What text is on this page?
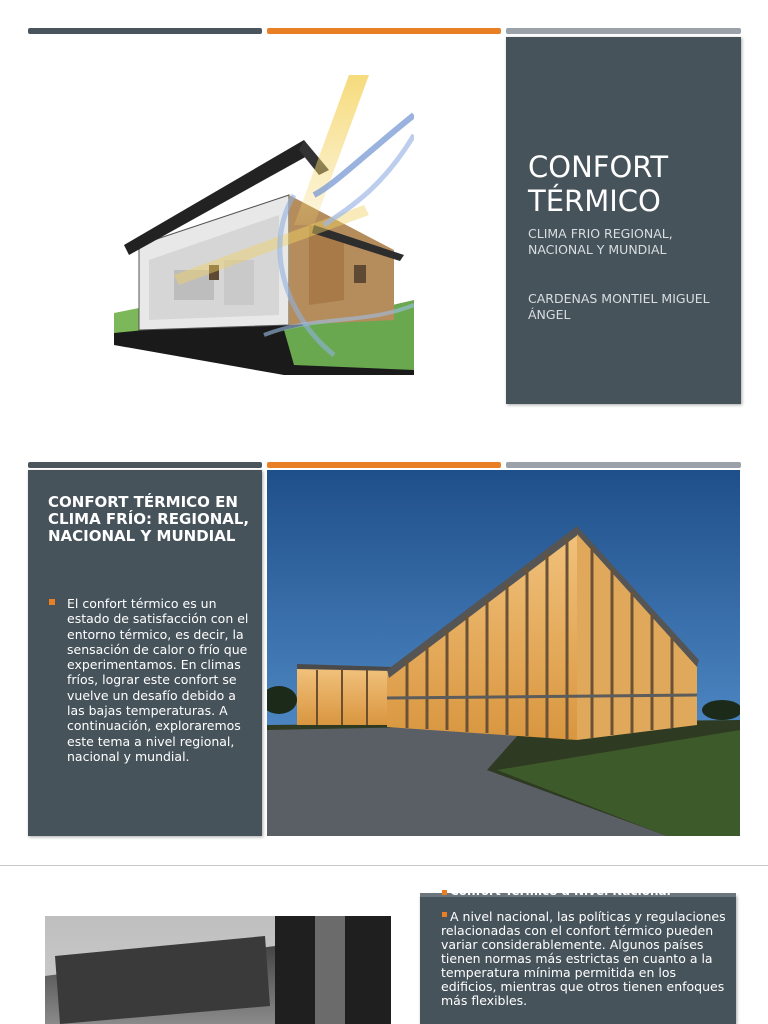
CONFORT TÉRMICO
CLIMA FRIO REGIONAL, NACIONAL Y MUNDIAL
CARDENAS MONTIEL MIGUEL ÁNGEL
CONFORT TÉRMICO EN CLIMA FRÍO: REGIONAL, NACIONAL Y MUNDIAL
El confort térmico es un estado de satisfacción con el entorno térmico, es decir, la sensación de calor o frío que experimentamos. En climas fríos, lograr este confort se vuelve un desafío debido a las bajas temperaturas. A continuación, exploraremos este tema a nivel regional, nacional y mundial.
Confort Térmico a Nivel Nacional
A nivel nacional, las políticas y regulaciones relacionadas con el confort térmico pueden variar considerablemente. Algunos países tienen normas más estrictas en cuanto a la temperatura mínima permitida en los edificios, mientras que otros tienen enfoques más flexibles.
